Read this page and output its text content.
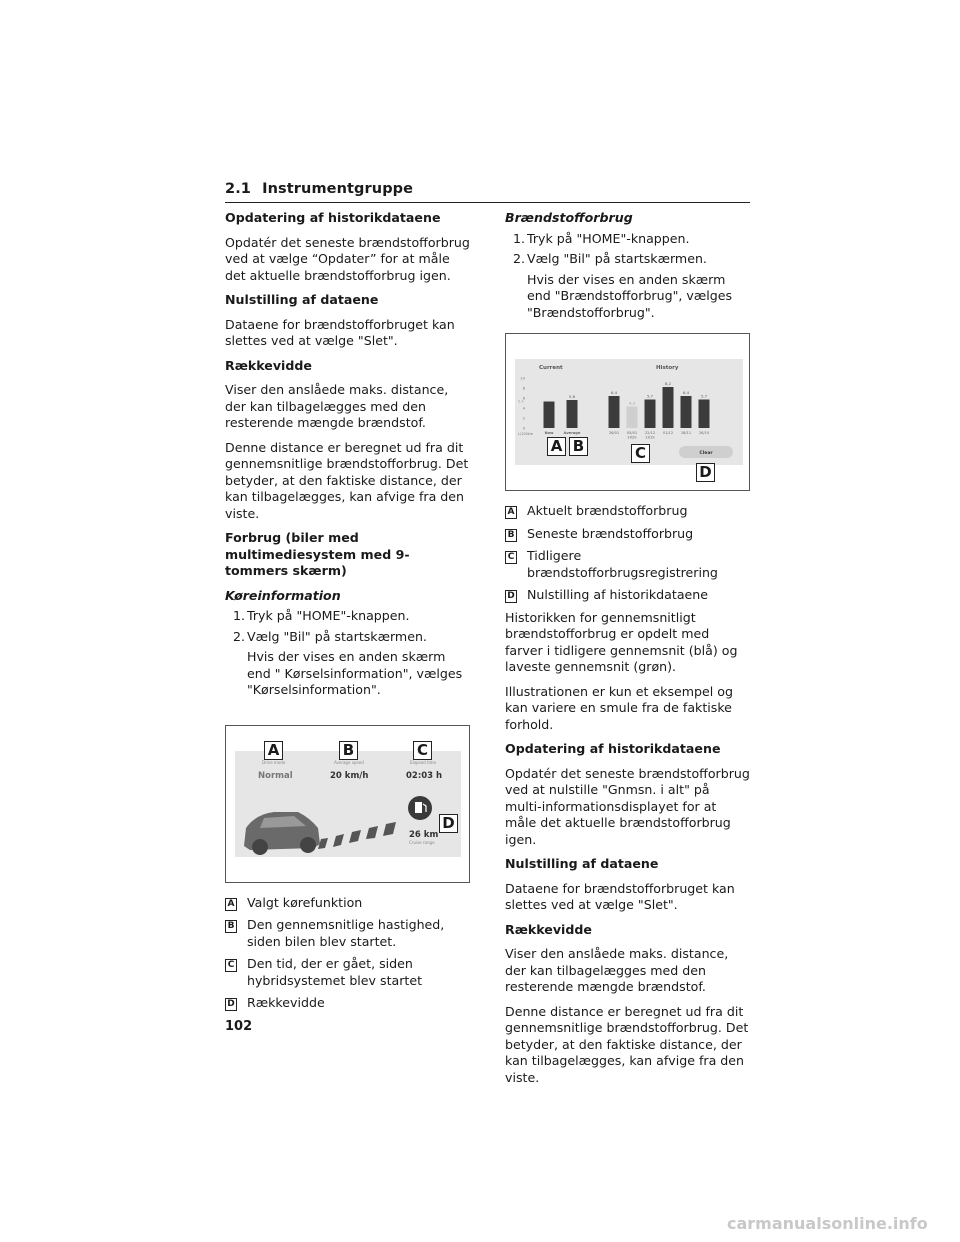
2.1 Instrumentgruppe
Opdatering af historikdataene

Opdatér det seneste brændstofforbrug ved at vælge “Opdater” for at måle det aktuelle brændstofforbrug igen.

Nulstilling af dataene

Dataene for brændstofforbruget kan slettes ved at vælge "Slet".

Rækkevidde

Viser den anslåede maks. distance, der kan tilbagelægges med den resterende mængde brændstof.

Denne distance er beregnet ud fra dit gennemsnitlige brændstofforbrug. Det betyder, at den faktiske distance, der kan tilbagelægges, kan afvige fra den viste.

Forbrug (biler med multimediesystem med 9-tommers skærm)
Køreinformation
1. Tryk på "HOME"-knappen.
2. Vælg "Bil" på startskærmen.
Hvis der vises en anden skærm end " Kørselsinformation", vælges "Kørselsinformation".
Drive mode
Normal
Average speed
20 km/h
Elapsed time
02:03 h
26 km
Cruise range
A	B	C
D
A Valgt kørefunktion
B Den gennemsnitlige hastighed, siden bilen blev startet.
C Den tid, der er gået, siden hybridsystemet blev startet
D Rækkevidde
Brændstofforbrug
1. Tryk på "HOME"-knappen.
2. Vælg "Bil" på startskærmen.
Hvis der vises en anden skærm end "Brændstofforbrug", vælges "Brændstofforbrug".
Current	History
0
2
4
6
8
10
L/100km
5.3
Now
5,6
Average
6,4
26/01
4,3
05/01
2020
5,7
22/12
2019
8,2
01/12
6,4
18/11
5,7
26/10
Clear
A B	C
D
A Aktuelt brændstofforbrug
B Seneste brændstofforbrug
C Tidligere brændstofforbrugsregistrering
D Nulstilling af historikdataene

Historikken for gennemsnitligt brændstofforbrug er opdelt med farver i tidligere gennemsnit (blå) og laveste gennemsnit (grøn).

Illustrationen er kun et eksempel og kan variere en smule fra de faktiske forhold.

Opdatering af historikdataene

Opdatér det seneste brændstofforbrug ved at nulstille "Gnmsn. i alt" på multi-informationsdisplayet for at måle det aktuelle brændstofforbrug igen.

Nulstilling af dataene

Dataene for brændstofforbruget kan slettes ved at vælge "Slet".

Rækkevidde

Viser den anslåede maks. distance, der kan tilbagelægges med den resterende mængde brændstof.

Denne distance er beregnet ud fra dit gennemsnitlige brændstofforbrug. Det betyder, at den faktiske distance, der kan tilbagelægges, kan afvige fra den viste.

102
carmanualsonline.info
